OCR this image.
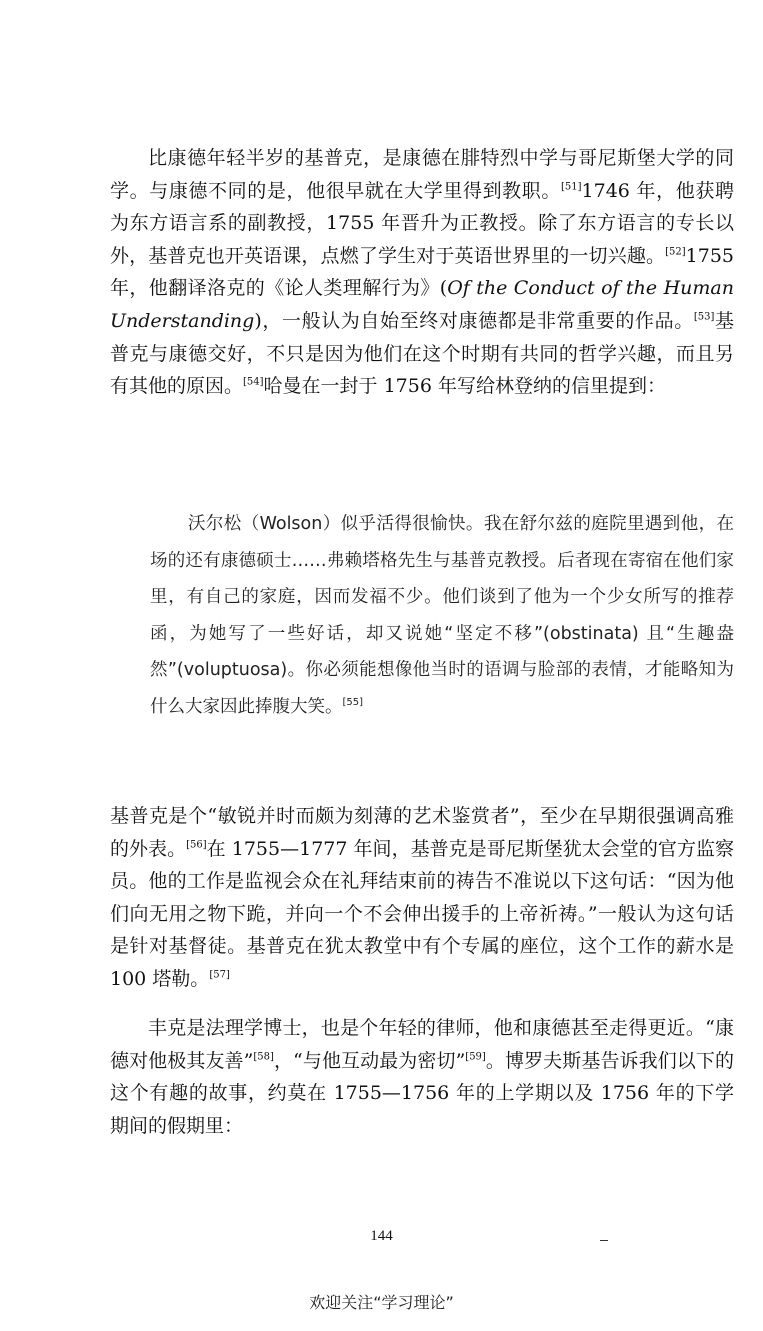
比康德年轻半岁的基普克，是康德在腓特烈中学与哥尼斯堡大学的同学。与康德不同的是，他很早就在大学里得到教职。[51]1746 年，他获聘为东方语言系的副教授，1755 年晋升为正教授。除了东方语言的专长以外，基普克也开英语课，点燃了学生对于英语世界里的一切兴趣。[52]1755 年，他翻译洛克的《论人类理解行为》(Of the Conduct of the Human Understanding)，一般认为自始至终对康德都是非常重要的作品。[53]基普克与康德交好，不只是因为他们在这个时期有共同的哲学兴趣，而且另有其他的原因。[54]哈曼在一封于 1756 年写给林登纳的信里提到：

沃尔松（Wolson）似乎活得很愉快。我在舒尔兹的庭院里遇到他，在场的还有康德硕士……弗赖塔格先生与基普克教授。后者现在寄宿在他们家里，有自己的家庭，因而发福不少。他们谈到了他为一个少女所写的推荐函，为她写了一些好话，却又说她“坚定不移”(obstinata) 且“生趣盎然”(voluptuosa)。你必须能想像他当时的语调与脸部的表情，才能略知为什么大家因此捧腹大笑。[55]

基普克是个“敏锐并时而颇为刻薄的艺术鉴赏者”，至少在早期很强调高雅的外表。[56]在 1755—1777 年间，基普克是哥尼斯堡犹太会堂的官方监察员。他的工作是监视会众在礼拜结束前的祷告不准说以下这句话：“因为他们向无用之物下跪，并向一个不会伸出援手的上帝祈祷。”一般认为这句话是针对基督徒。基普克在犹太教堂中有个专属的座位，这个工作的薪水是 100 塔勒。[57]

丰克是法理学博士，也是个年轻的律师，他和康德甚至走得更近。“康德对他极其友善”[58]，“与他互动最为密切”[59]。博罗夫斯基告诉我们以下的这个有趣的故事，约莫在 1755—1756 年的上学期以及 1756 年的下学期间的假期里：

144
欢迎关注“学习理论”
